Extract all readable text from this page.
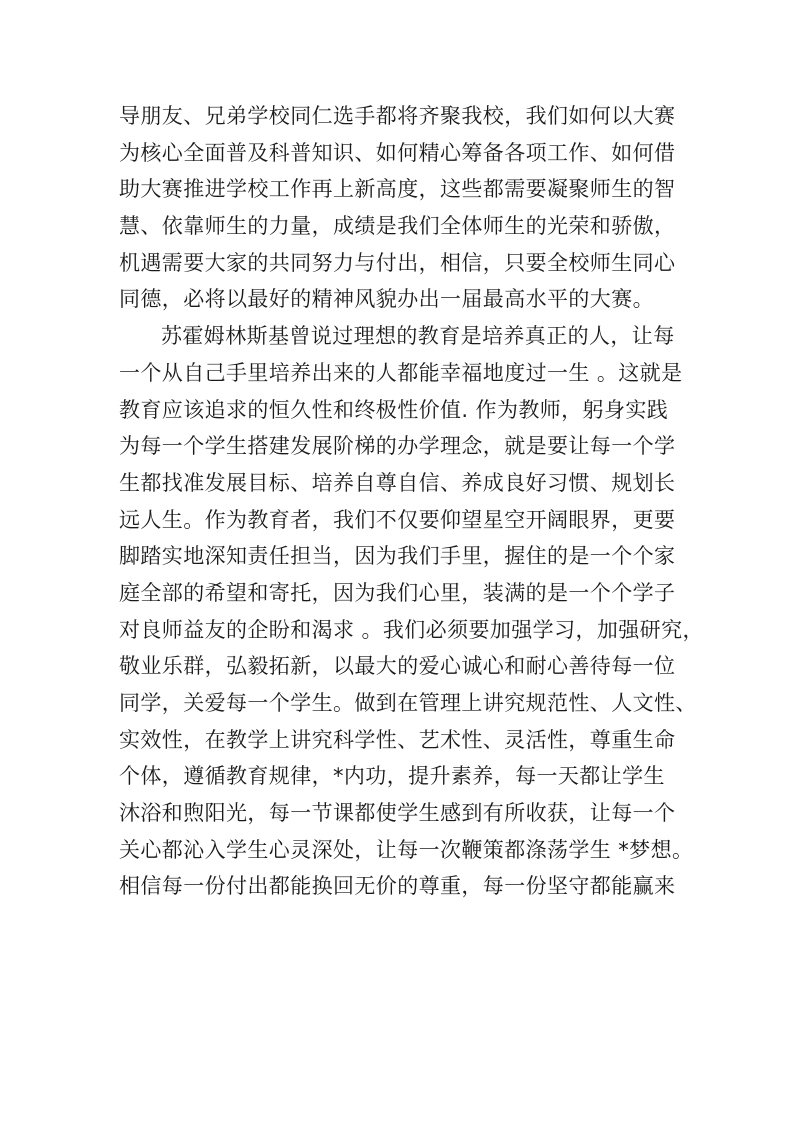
导朋友、兄弟学校同仁选手都将齐聚我校，我们如何以大赛
为核心全面普及科普知识、如何精心筹备各项工作、如何借
助大赛推进学校工作再上新高度，这些都需要凝聚师生的智
慧、依靠师生的力量，成绩是我们全体师生的光荣和骄傲，
机遇需要大家的共同努力与付出，相信，只要全校师生同心
同德，必将以最好的精神风貌办出一届最高水平的大赛。
苏霍姆林斯基曾说过理想的教育是培养真正的人，让每
一个从自己手里培养出来的人都能幸福地度过一生 。这就是
教育应该追求的恒久性和终极性价值. 作为教师，躬身实践
为每一个学生搭建发展阶梯的办学理念，就是要让每一个学
生都找准发展目标、培养自尊自信、养成良好习惯、规划长
远人生。作为教育者，我们不仅要仰望星空开阔眼界，更要
脚踏实地深知责任担当，因为我们手里，握住的是一个个家
庭全部的希望和寄托，因为我们心里，装满的是一个个学子
对良师益友的企盼和渴求 。我们必须要加强学习，加强研究，
敬业乐群，弘毅拓新，以最大的爱心诚心和耐心善待每一位
同学，关爱每一个学生。做到在管理上讲究规范性、人文性、
实效性，在教学上讲究科学性、艺术性、灵活性，尊重生命
个体，遵循教育规律，*内功，提升素养，每一天都让学生
沐浴和煦阳光，每一节课都使学生感到有所收获，让每一个
关心都沁入学生心灵深处，让每一次鞭策都涤荡学生 *梦想。
相信每一份付出都能换回无价的尊重，每一份坚守都能赢来
